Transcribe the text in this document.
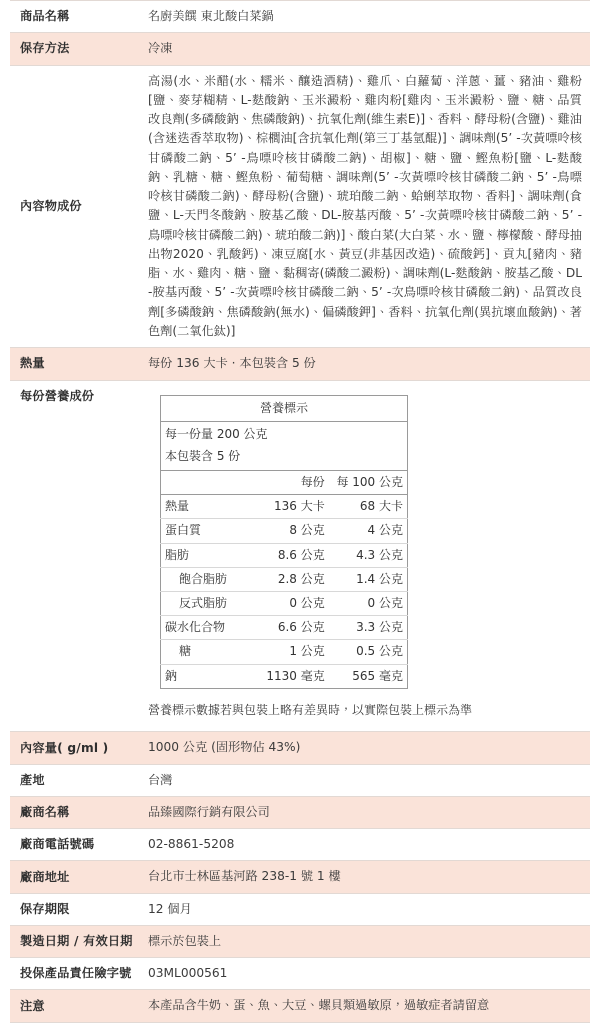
商品名稱	名廚美饌 東北酸白菜鍋
保存方法	冷凍
內容物成份	高湯(水、米醋(水、糯米、釀造酒精)、雞爪、白蘿蔔、洋蔥、薑、豬油、雞粉[鹽、麥芽糊精、L-麩酸鈉、玉米澱粉、雞肉粉[雞肉、玉米澱粉、鹽、糖、品質改良劑(多磷酸鈉、焦磷酸鈉)、抗氧化劑(維生素E)]、香料、酵母粉(含鹽)、雞油(含迷迭香萃取物)、棕櫚油[含抗氧化劑(第三丁基氫醌)]、調味劑(5’ -次黃嘌呤核甘磷酸二鈉、5’ -鳥嘌呤核甘磷酸二鈉)、胡椒]、糖、鹽、鰹魚粉[鹽、L-麩酸鈉、乳糖、糖、鰹魚粉、葡萄糖、調味劑(5’ -次黃嘌呤核甘磷酸二鈉、5’ -鳥嘌呤核甘磷酸二鈉)、酵母粉(含鹽)、琥珀酸二鈉、蛤蜊萃取物、香料]、調味劑(食鹽、L-天門冬酸鈉、胺基乙酸、DL-胺基丙酸、5’ -次黃嘌呤核甘磷酸二鈉、5’ -鳥嘌呤核甘磷酸二鈉)、琥珀酸二鈉)]、酸白菜(大白菜、水、鹽、檸檬酸、酵母抽出物2020、乳酸鈣)、凍豆腐[水、黃豆(非基因改造)、硫酸鈣]、貢丸[豬肉、豬脂、水、雞肉、糖、鹽、黏稠寄(磷酸二澱粉)、調味劑(L-麩酸鈉、胺基乙酸、DL-胺基丙酸、5’ -次黃嘌呤核甘磷酸二鈉、5’ -次鳥嘌呤核甘磷酸二鈉)、品質改良劑[多磷酸鈉、焦磷酸鈉(無水)、偏磷酸鉀]、香料、抗氧化劑(異抗壞血酸鈉)、著色劑(二氧化鈦)]
熱量	每份 136 大卡 · 本包裝含 5 份
每份營養成份	
營養標示
每一份量 200 公克
本包裝含 5 份
	每份	每 100 公克
熱量	136 大卡	68 大卡
蛋白質	8 公克	4 公克
脂肪	8.6 公克	4.3 公克
飽合脂肪	2.8 公克	1.4 公克
反式脂肪	0 公克	0 公克
碳水化合物	6.6 公克	3.3 公克
糖	1 公克	0.5 公克
鈉	1130 毫克	565 毫克
營養標示數據若與包裝上略有差異時，以實際包裝上標示為準

內容量( g/ml )	1000 公克 (固形物佔 43%)
產地	台灣
廠商名稱	品臻國際行銷有限公司
廠商電話號碼	02-8861-5208
廠商地址	台北市士林區基河路 238-1 號 1 樓
保存期限	12 個月
製造日期 / 有效日期	標示於包裝上
投保產品責任險字號	03ML000561
注意	本產品含牛奶、蛋、魚、大豆、螺貝類過敏原，過敏症者請留意
